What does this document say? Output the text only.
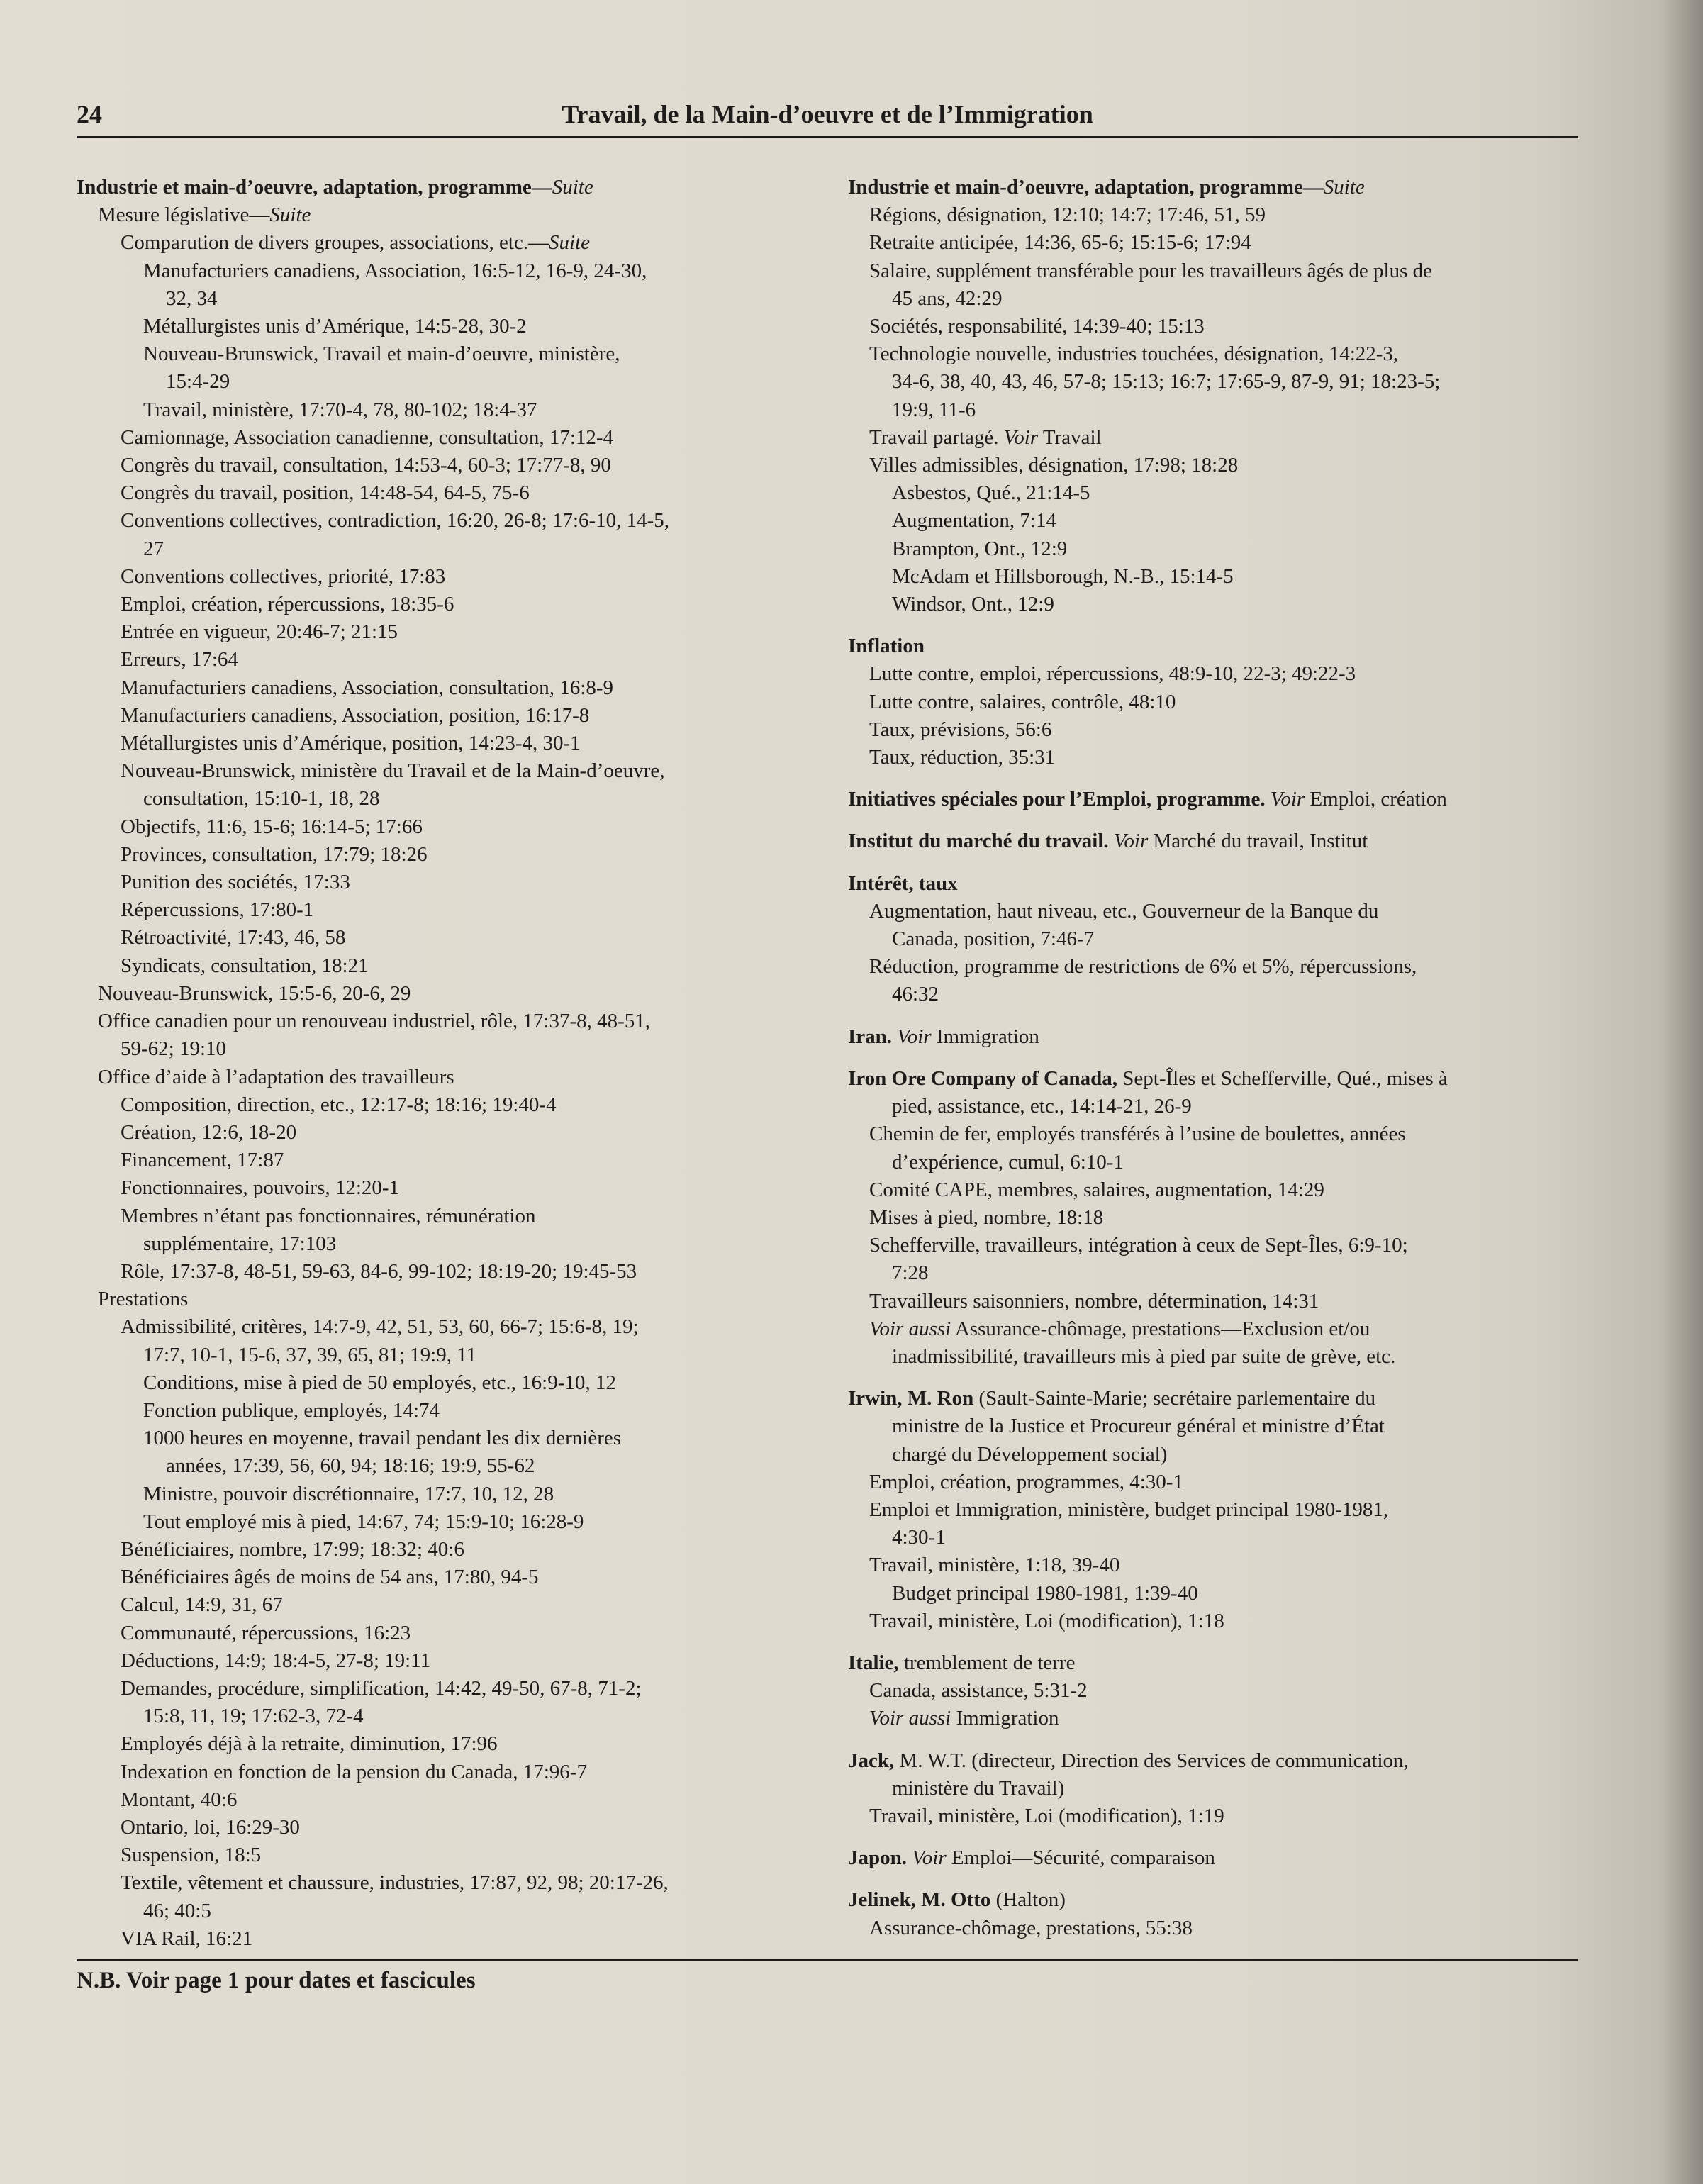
24	Travail, de la Main-d’oeuvre et de l’Immigration
Industrie et main-d’oeuvre, adaptation, programme—Suite
Mesure législative—Suite
Comparution de divers groupes, associations, etc.—Suite
Manufacturiers canadiens, Association, 16:5-12, 16-9, 24-30,
32, 34
Métallurgistes unis d’Amérique, 14:5-28, 30-2
Nouveau-Brunswick, Travail et main-d’oeuvre, ministère,
15:4-29
Travail, ministère, 17:70-4, 78, 80-102; 18:4-37
Camionnage, Association canadienne, consultation, 17:12-4
Congrès du travail, consultation, 14:53-4, 60-3; 17:77-8, 90
Congrès du travail, position, 14:48-54, 64-5, 75-6
Conventions collectives, contradiction, 16:20, 26-8; 17:6-10, 14-5,
27
Conventions collectives, priorité, 17:83
Emploi, création, répercussions, 18:35-6
Entrée en vigueur, 20:46-7; 21:15
Erreurs, 17:64
Manufacturiers canadiens, Association, consultation, 16:8-9
Manufacturiers canadiens, Association, position, 16:17-8
Métallurgistes unis d’Amérique, position, 14:23-4, 30-1
Nouveau-Brunswick, ministère du Travail et de la Main-d’oeuvre,
consultation, 15:10-1, 18, 28
Objectifs, 11:6, 15-6; 16:14-5; 17:66
Provinces, consultation, 17:79; 18:26
Punition des sociétés, 17:33
Répercussions, 17:80-1
Rétroactivité, 17:43, 46, 58
Syndicats, consultation, 18:21
Nouveau-Brunswick, 15:5-6, 20-6, 29
Office canadien pour un renouveau industriel, rôle, 17:37-8, 48-51,
59-62; 19:10
Office d’aide à l’adaptation des travailleurs
Composition, direction, etc., 12:17-8; 18:16; 19:40-4
Création, 12:6, 18-20
Financement, 17:87
Fonctionnaires, pouvoirs, 12:20-1
Membres n’étant pas fonctionnaires, rémunération
supplémentaire, 17:103
Rôle, 17:37-8, 48-51, 59-63, 84-6, 99-102; 18:19-20; 19:45-53
Prestations
Admissibilité, critères, 14:7-9, 42, 51, 53, 60, 66-7; 15:6-8, 19;
17:7, 10-1, 15-6, 37, 39, 65, 81; 19:9, 11
Conditions, mise à pied de 50 employés, etc., 16:9-10, 12
Fonction publique, employés, 14:74
1000 heures en moyenne, travail pendant les dix dernières
années, 17:39, 56, 60, 94; 18:16; 19:9, 55-62
Ministre, pouvoir discrétionnaire, 17:7, 10, 12, 28
Tout employé mis à pied, 14:67, 74; 15:9-10; 16:28-9
Bénéficiaires, nombre, 17:99; 18:32; 40:6
Bénéficiaires âgés de moins de 54 ans, 17:80, 94-5
Calcul, 14:9, 31, 67
Communauté, répercussions, 16:23
Déductions, 14:9; 18:4-5, 27-8; 19:11
Demandes, procédure, simplification, 14:42, 49-50, 67-8, 71-2;
15:8, 11, 19; 17:62-3, 72-4
Employés déjà à la retraite, diminution, 17:96
Indexation en fonction de la pension du Canada, 17:96-7
Montant, 40:6
Ontario, loi, 16:29-30
Suspension, 18:5
Textile, vêtement et chaussure, industries, 17:87, 92, 98; 20:17-26,
46; 40:5
VIA Rail, 16:21
Industrie et main-d’oeuvre, adaptation, programme—Suite
Régions, désignation, 12:10; 14:7; 17:46, 51, 59
Retraite anticipée, 14:36, 65-6; 15:15-6; 17:94
Salaire, supplément transférable pour les travailleurs âgés de plus de
45 ans, 42:29
Sociétés, responsabilité, 14:39-40; 15:13
Technologie nouvelle, industries touchées, désignation, 14:22-3,
34-6, 38, 40, 43, 46, 57-8; 15:13; 16:7; 17:65-9, 87-9, 91; 18:23-5;
19:9, 11-6
Travail partagé. Voir Travail
Villes admissibles, désignation, 17:98; 18:28
Asbestos, Qué., 21:14-5
Augmentation, 7:14
Brampton, Ont., 12:9
McAdam et Hillsborough, N.-B., 15:14-5
Windsor, Ont., 12:9
Inflation
Lutte contre, emploi, répercussions, 48:9-10, 22-3; 49:22-3
Lutte contre, salaires, contrôle, 48:10
Taux, prévisions, 56:6
Taux, réduction, 35:31
Initiatives spéciales pour l’Emploi, programme. Voir Emploi, création
Institut du marché du travail. Voir Marché du travail, Institut
Intérêt, taux
Augmentation, haut niveau, etc., Gouverneur de la Banque du
Canada, position, 7:46-7
Réduction, programme de restrictions de 6% et 5%, répercussions,
46:32
Iran. Voir Immigration
Iron Ore Company of Canada, Sept-Îles et Schefferville, Qué., mises à
pied, assistance, etc., 14:14-21, 26-9
Chemin de fer, employés transférés à l’usine de boulettes, années
d’expérience, cumul, 6:10-1
Comité CAPE, membres, salaires, augmentation, 14:29
Mises à pied, nombre, 18:18
Schefferville, travailleurs, intégration à ceux de Sept-Îles, 6:9-10;
7:28
Travailleurs saisonniers, nombre, détermination, 14:31
Voir aussi Assurance-chômage, prestations—Exclusion et/ou
inadmissibilité, travailleurs mis à pied par suite de grève, etc.
Irwin, M. Ron (Sault-Sainte-Marie; secrétaire parlementaire du
ministre de la Justice et Procureur général et ministre d’État
chargé du Développement social)
Emploi, création, programmes, 4:30-1
Emploi et Immigration, ministère, budget principal 1980-1981,
4:30-1
Travail, ministère, 1:18, 39-40
Budget principal 1980-1981, 1:39-40
Travail, ministère, Loi (modification), 1:18
Italie, tremblement de terre
Canada, assistance, 5:31-2
Voir aussi Immigration
Jack, M. W.T. (directeur, Direction des Services de communication,
ministère du Travail)
Travail, ministère, Loi (modification), 1:19
Japon. Voir Emploi—Sécurité, comparaison
Jelinek, M. Otto (Halton)
Assurance-chômage, prestations, 55:38
N.B. Voir page 1 pour dates et fascicules
